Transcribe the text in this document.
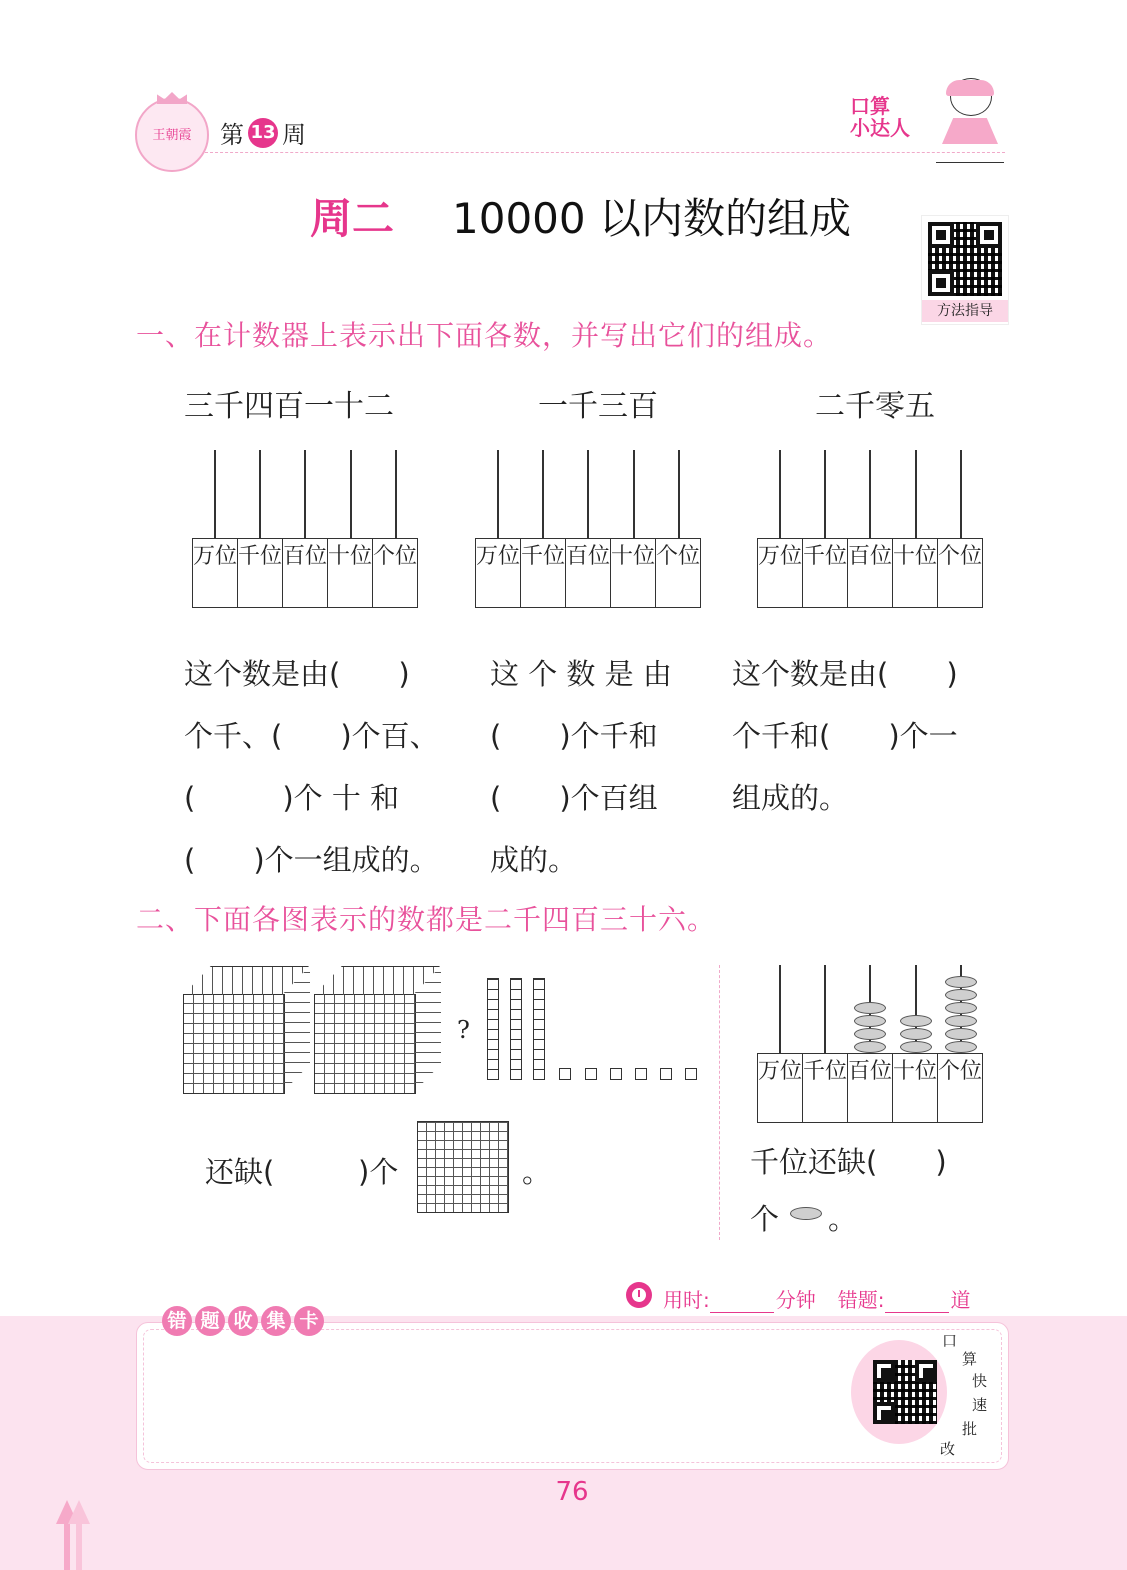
王朝霞	第 13 周
口算
小达人
周二 10000 以内数的组成
方法指导
一、在计数器上表示出下面各数，并写出它们的组成。
三千四百一十二	一千三百	二千零五
万位 千位 百位 十位 个位	万位 千位 百位 十位 个位	万位 千位 百位 十位 个位
这个数是由(　　)
个千、(　　)个百、
(　　　)个 十 和
(　　)个一组成的。
这 个 数 是 由
(　　)个千和
(　　)个百组
成的。
这个数是由(　　)
个千和(　　)个一
组成的。
二、下面各图表示的数都是二千四百三十六。
?
还缺(	)个	。
万位 千位 百位 十位 个位
千位还缺(　　)
个 。
用时:	分钟 错题:	道
错 题 收 集 卡
口
算
快
速
批
改
76
